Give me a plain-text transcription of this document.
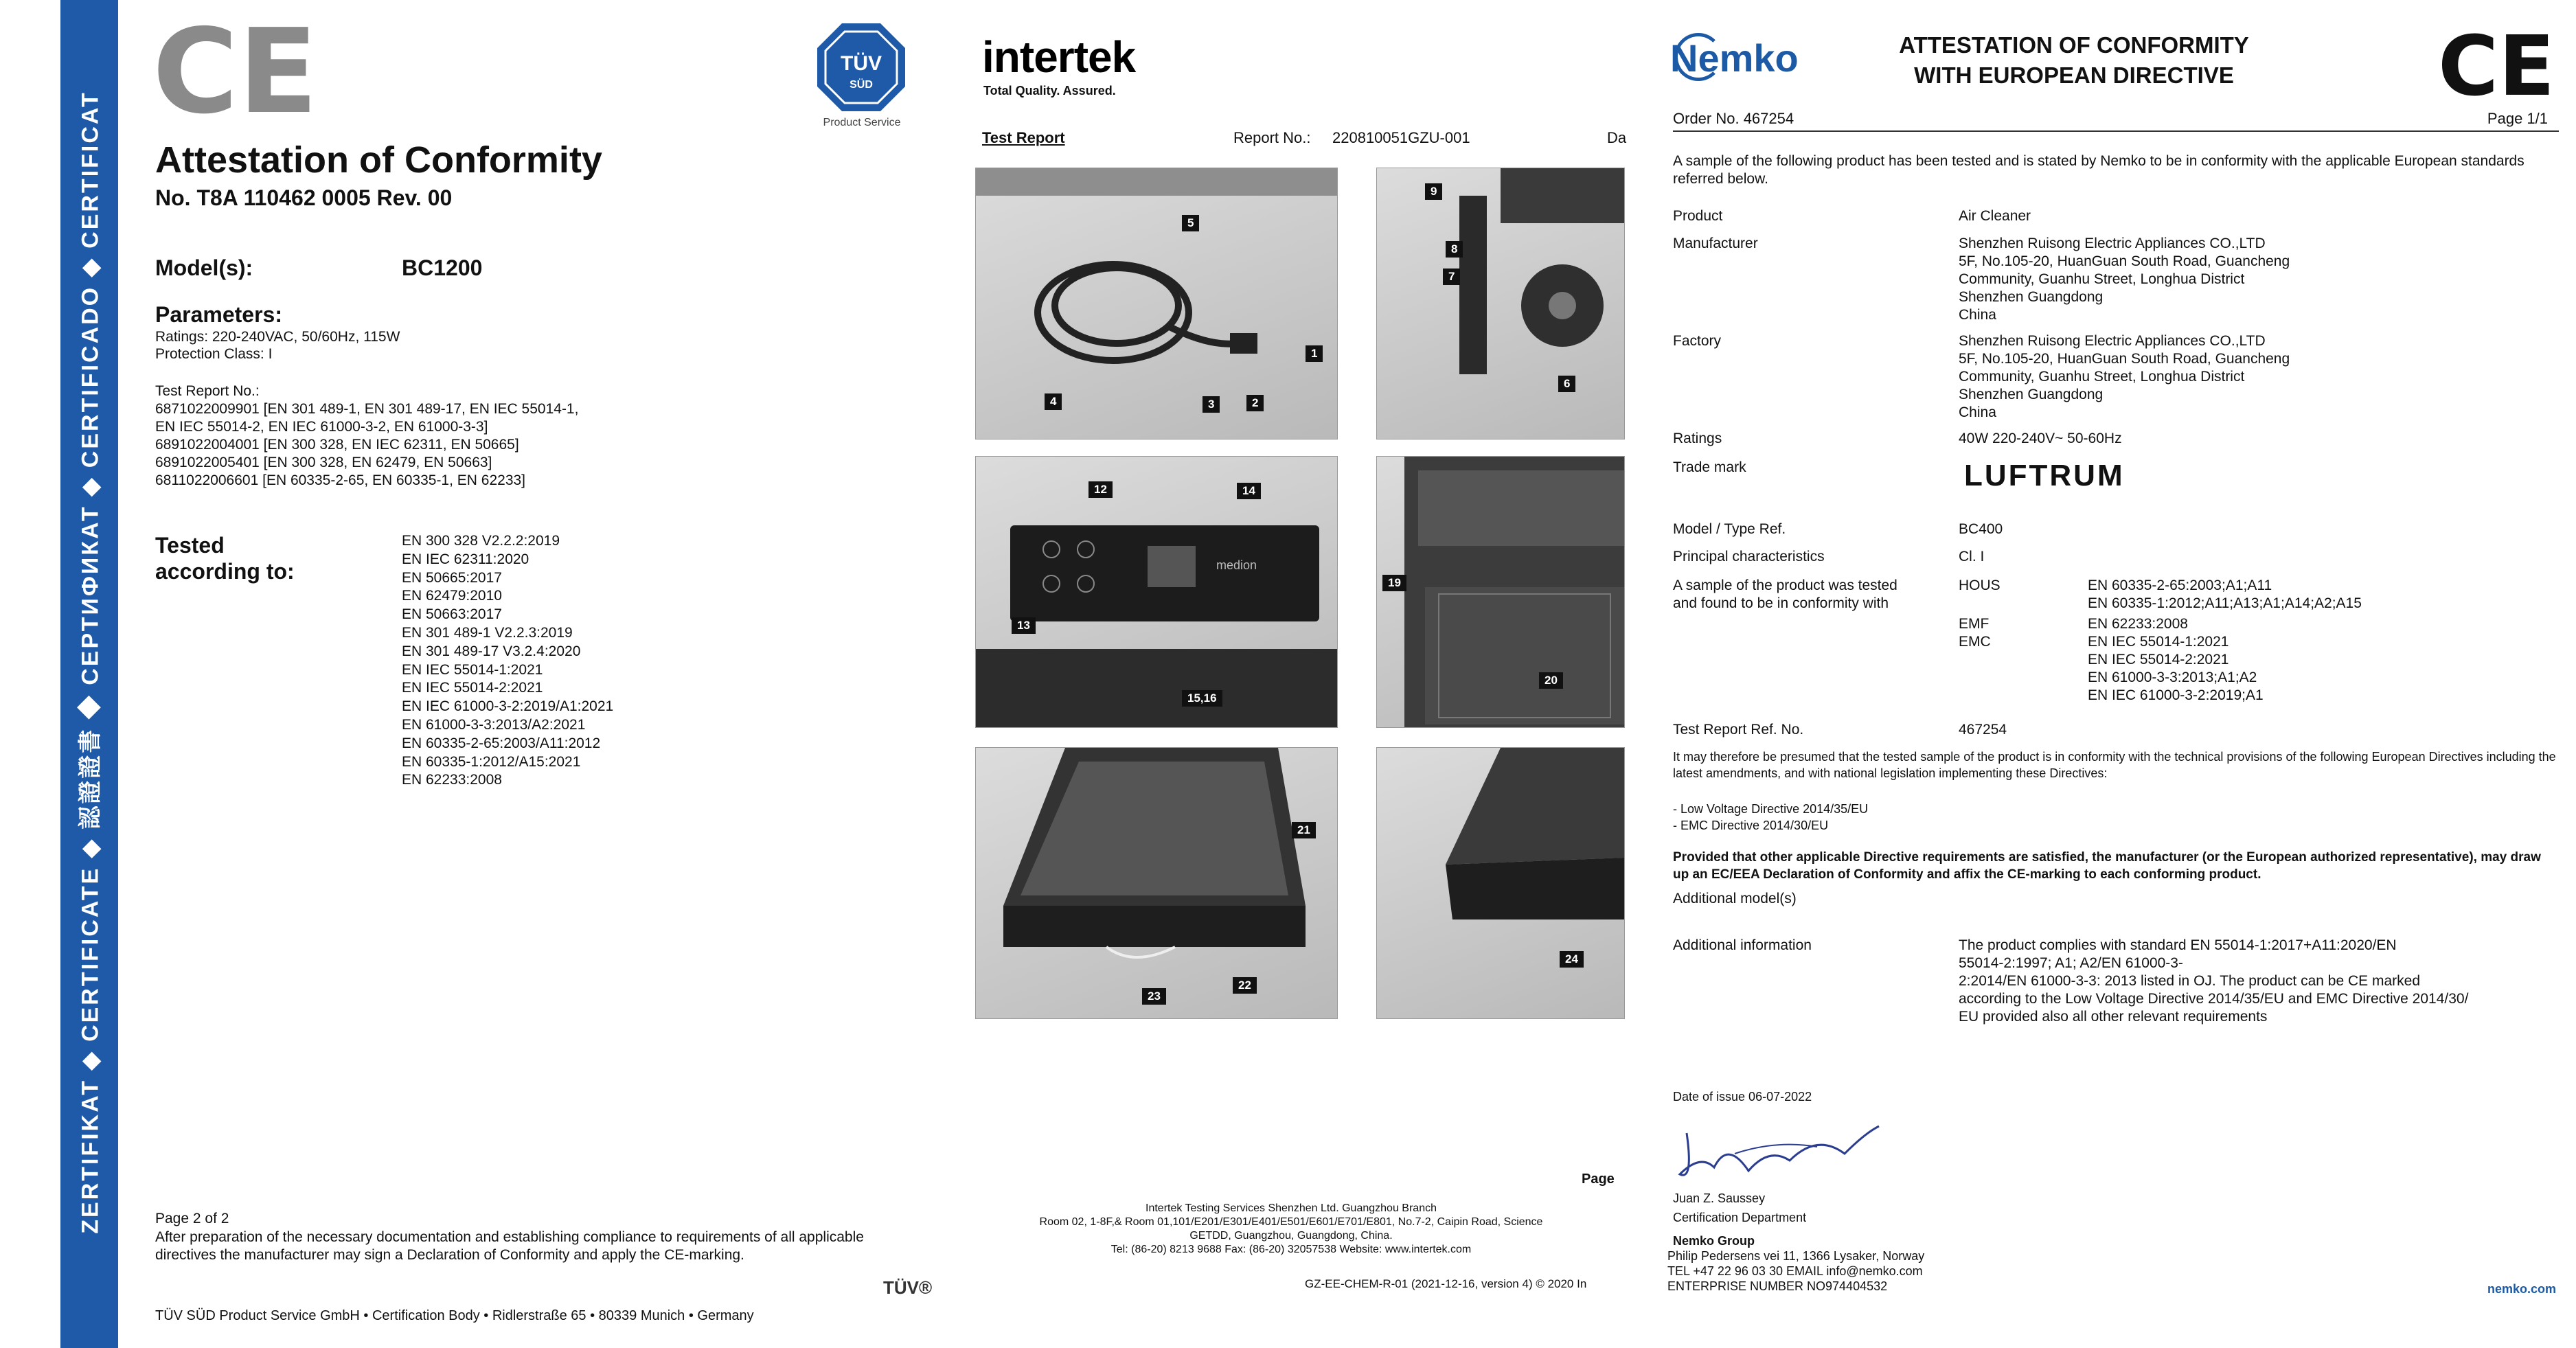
ZERTIFIKAT ◆ CERTIFICATE ◆ 認證證書 ◆ СЕРТИФИКАТ ◆ CERTIFICADO ◆ CERTIFICAT
CE	TÜV
SÜD
Product Service
Attestation of Conformity
No. T8A 110462 0005 Rev. 00
Model(s):	BC1200
Parameters:
Ratings: 220-240VAC, 50/60Hz, 115W
Protection Class: I
Test Report No.:
6871022009901 [EN 301 489-1, EN 301 489-17, EN IEC 55014-1,
EN IEC 55014-2, EN IEC 61000-3-2, EN 61000-3-3]
6891022004001 [EN 300 328, EN IEC 62311, EN 50665]
6891022005401 [EN 300 328, EN 62479, EN 50663]
6811022006601 [EN 60335-2-65, EN 60335-1, EN 62233]
Tested
according to:
EN 300 328 V2.2.2:2019
EN IEC 62311:2020
EN 50665:2017
EN 62479:2010
EN 50663:2017
EN 301 489-1 V2.2.3:2019
EN 301 489-17 V3.2.4:2020
EN IEC 55014-1:2021
EN IEC 55014-2:2021
EN IEC 61000-3-2:2019/A1:2021
EN 61000-3-3:2013/A2:2021
EN 60335-2-65:2003/A11:2012
EN 60335-1:2012/A15:2021
EN 62233:2008
Page 2 of 2
After preparation of the necessary documentation and establishing compliance to requirements of all applicable directives the manufacturer may sign a Declaration of Conformity and apply the CE-marking.
TÜV SÜD Product Service GmbH • Certification Body • Ridlerstraße 65 • 80339 Munich • Germany
TÜV®
intertek
Total Quality. Assured.
Test Report	Report No.: 220810051GZU-001	Da
5
1
4	3	2
9
8
7
6
medion
12	14
13
15,16
19
20
21
23
22
24
Page
Intertek Testing Services Shenzhen Ltd. Guangzhou Branch
Room 02, 1-8F,& Room 01,101/E201/E301/E401/E501/E601/E701/E801, No.7-2, Caipin Road, Science
GETDD, Guangzhou, Guangdong, China.
Tel: (86-20) 8213 9688 Fax: (86-20) 32057538 Website: www.intertek.com
GZ-EE-CHEM-R-01 (2021-12-16, version 4) © 2020 In
Nemko	ATTESTATION OF CONFORMITY
WITH EUROPEAN DIRECTIVE	CE
Order No. 467254	Page 1/1
A sample of the following product has been tested and is stated by Nemko to be in conformity with the applicable European standards referred below.
Product	Air Cleaner
Manufacturer	Shenzhen Ruisong Electric Appliances CO.,LTD
5F, No.105-20, HuanGuan South Road, Guancheng
Community, Guanhu Street, Longhua District
Shenzhen Guangdong
China
Factory	Shenzhen Ruisong Electric Appliances CO.,LTD
5F, No.105-20, HuanGuan South Road, Guancheng
Community, Guanhu Street, Longhua District
Shenzhen Guangdong
China
Ratings	40W 220-240V~ 50-60Hz
Trade mark	LUFTRUM
Model / Type Ref.	BC400
Principal characteristics	Cl. I
A sample of the product was tested
and found to be in conformity with
HOUS	EN 60335-2-65:2003;A1;A11
EN 60335-1:2012;A11;A13;A1;A14;A2;A15
EMF	EN 62233:2008
EMC	EN IEC 55014-1:2021
EN IEC 55014-2:2021
EN 61000-3-3:2013;A1;A2
EN IEC 61000-3-2:2019;A1
Test Report Ref. No.	467254
It may therefore be presumed that the tested sample of the product is in conformity with the technical provisions of the following European Directives including the latest amendments, and with national legislation implementing these Directives:
- Low Voltage Directive 2014/35/EU
- EMC Directive 2014/30/EU
Provided that other applicable Directive requirements are satisfied, the manufacturer (or the European authorized representative), may draw up an EC/EEA Declaration of Conformity and affix the CE-marking to each conforming product.
Additional model(s)
Additional information	The product complies with standard EN 55014-1:2017+A11:2020/EN
55014-2:1997; A1; A2/EN 61000-3-
2:2014/EN 61000-3-3: 2013 listed in OJ. The product can be CE marked
according to the Low Voltage Directive 2014/35/EU and EMC Directive 2014/30/
EU provided also all other relevant requirements
Date of issue 06-07-2022
Juan Z. Saussey
Certification Department
Nemko Group
Philip Pedersens vei 11, 1366 Lysaker, Norway
TEL +47 22 96 03 30 EMAIL info@nemko.com
ENTERPRISE NUMBER NO974404532	nemko.com
